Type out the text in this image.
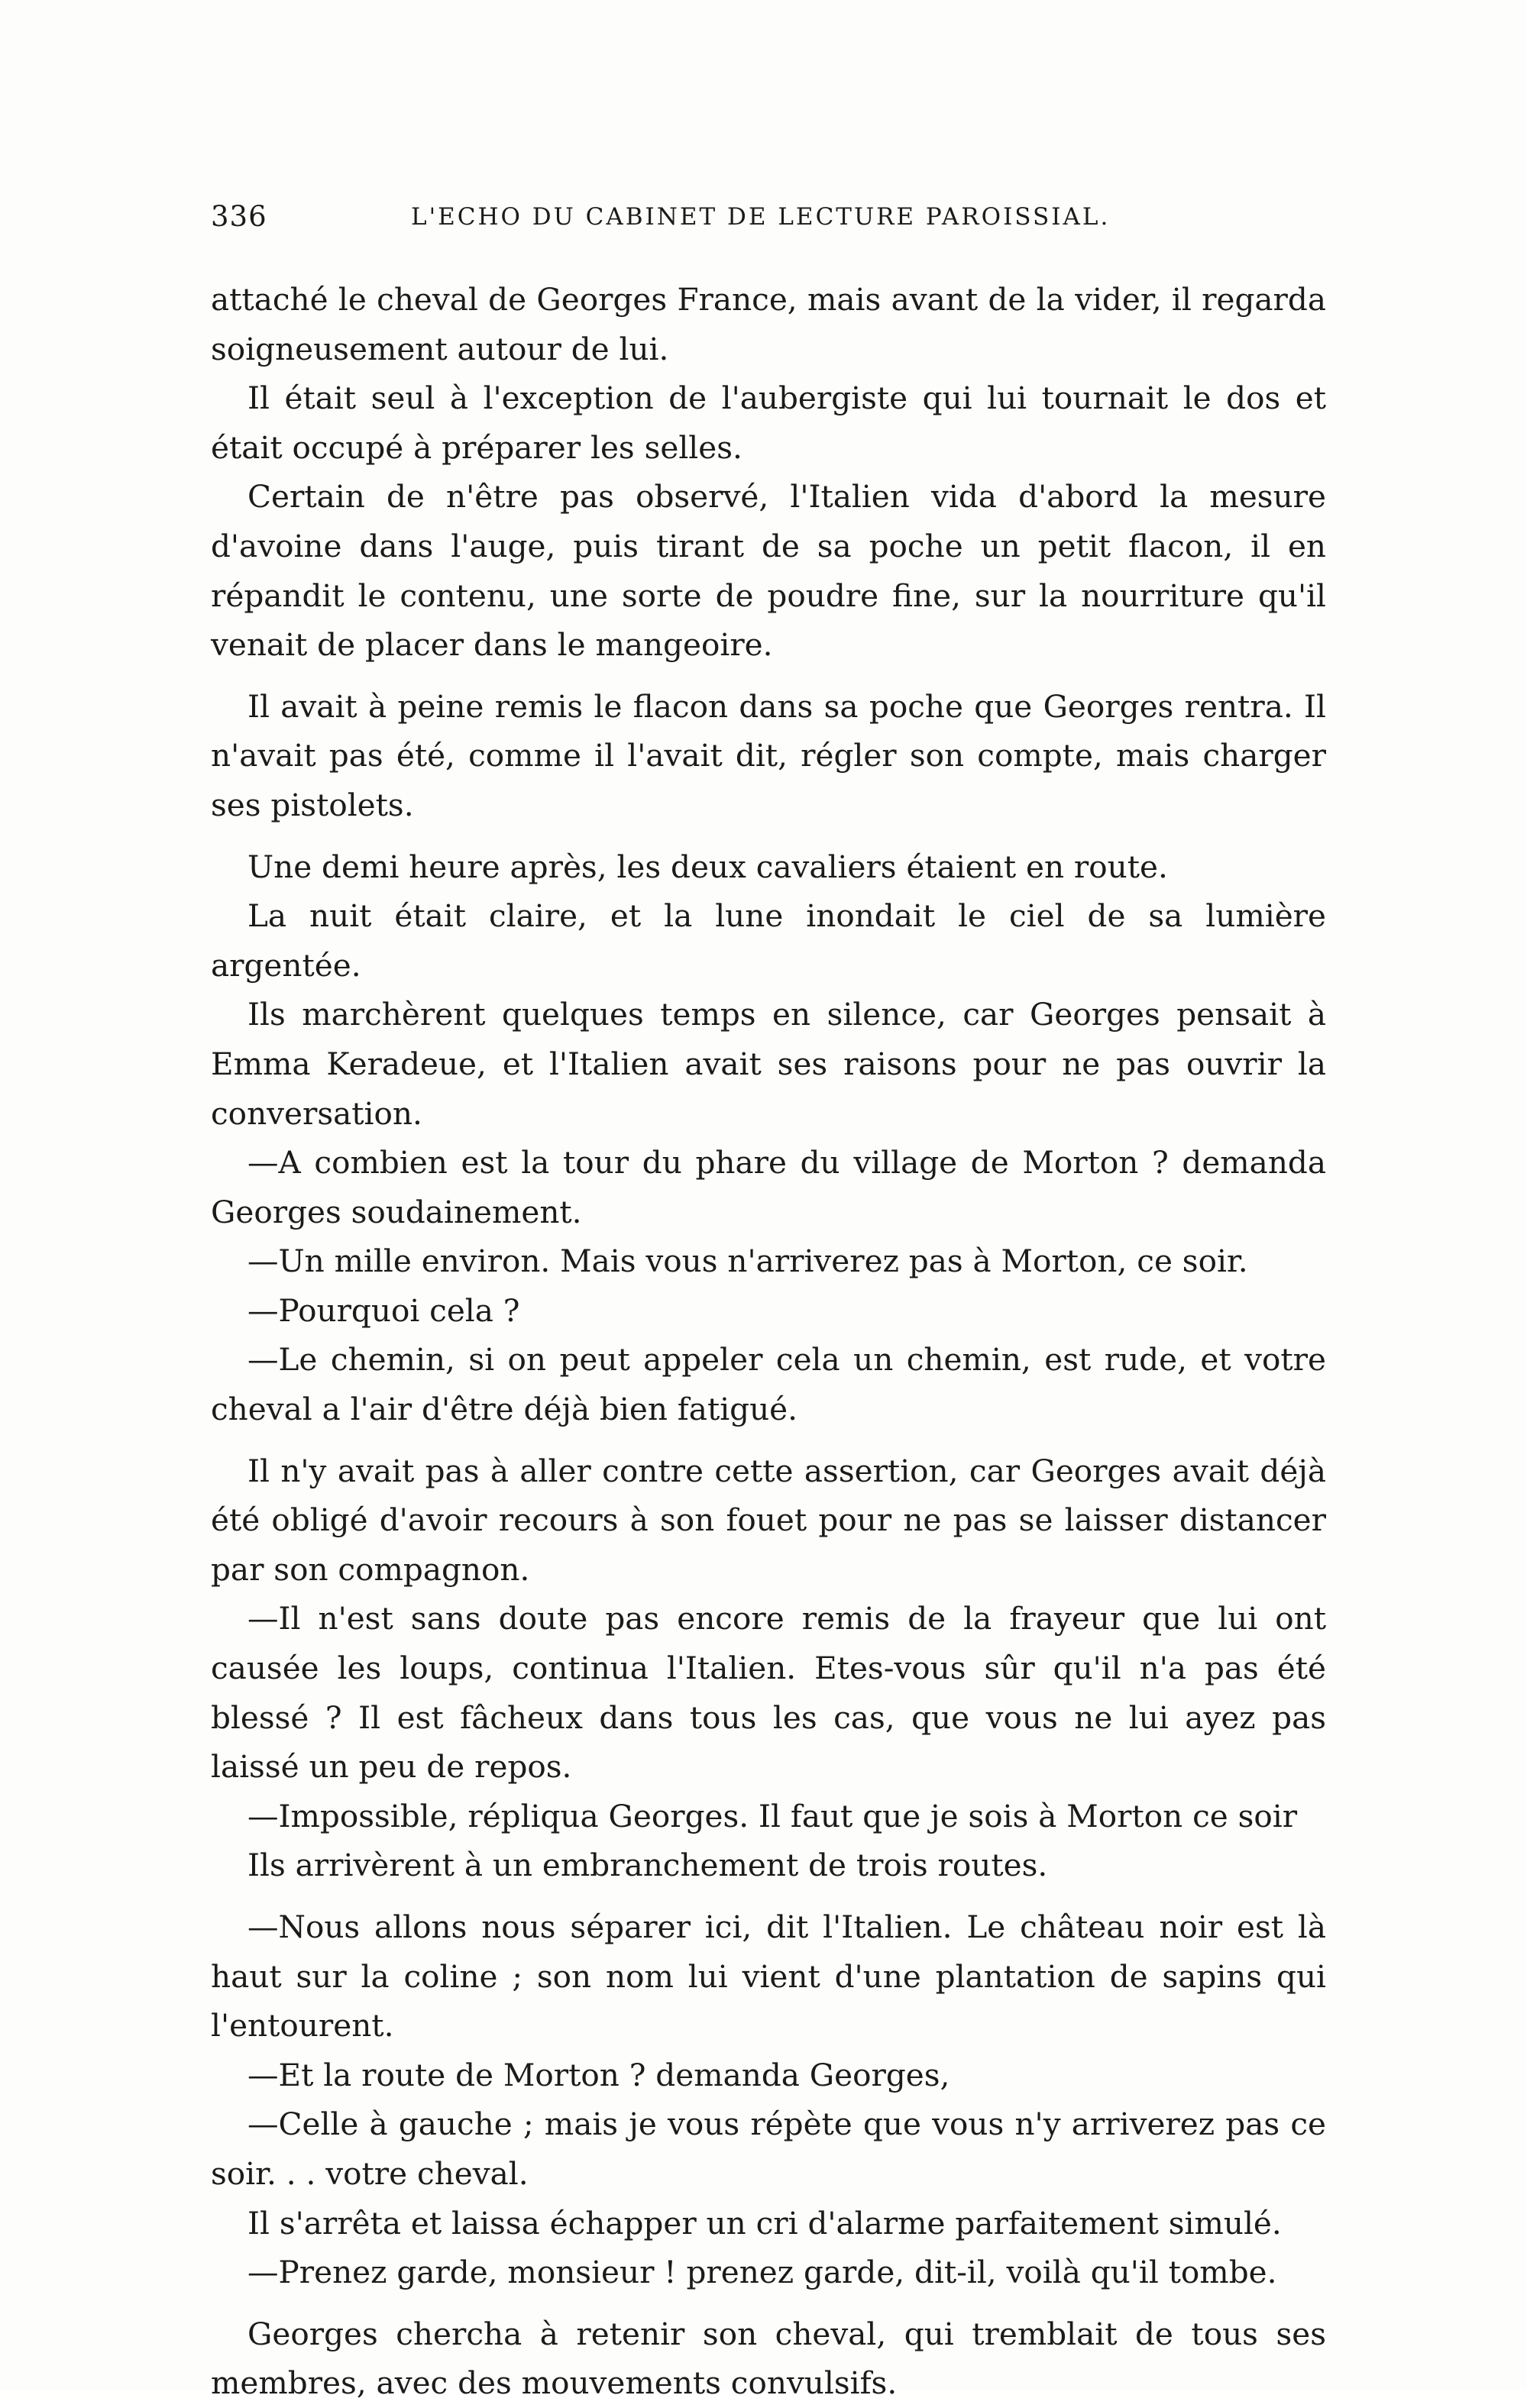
336	L'ECHO DU CABINET DE LECTURE PAROISSIAL.

attaché le cheval de Georges France, mais avant de la vider, il regarda soigneusement autour de lui.

Il était seul à l'exception de l'aubergiste qui lui tournait le dos et était occupé à préparer les selles.

Certain de n'être pas observé, l'Italien vida d'abord la mesure d'avoine dans l'auge, puis tirant de sa poche un petit flacon, il en répandit le contenu, une sorte de poudre fine, sur la nourriture qu'il venait de placer dans le mangeoire.

Il avait à peine remis le flacon dans sa poche que Georges rentra. Il n'avait pas été, comme il l'avait dit, régler son compte, mais charger ses pistolets.

Une demi heure après, les deux cavaliers étaient en route.

La nuit était claire, et la lune inondait le ciel de sa lumière argentée.

Ils marchèrent quelques temps en silence, car Georges pensait à Emma Keradeue, et l'Italien avait ses raisons pour ne pas ouvrir la conversation.

—A combien est la tour du phare du village de Morton ? demanda Georges soudainement.

—Un mille environ. Mais vous n'arriverez pas à Morton, ce soir.

—Pourquoi cela ?

—Le chemin, si on peut appeler cela un chemin, est rude, et votre cheval a l'air d'être déjà bien fatigué.

Il n'y avait pas à aller contre cette assertion, car Georges avait déjà été obligé d'avoir recours à son fouet pour ne pas se laisser distancer par son compagnon.

—Il n'est sans doute pas encore remis de la frayeur que lui ont causée les loups, continua l'Italien. Etes-vous sûr qu'il n'a pas été blessé ? Il est fâcheux dans tous les cas, que vous ne lui ayez pas laissé un peu de repos.

—Impossible, répliqua Georges. Il faut que je sois à Morton ce soir

Ils arrivèrent à un embranchement de trois routes.

—Nous allons nous séparer ici, dit l'Italien. Le château noir est là haut sur la coline ; son nom lui vient d'une plantation de sapins qui l'entourent.

—Et la route de Morton ? demanda Georges,

—Celle à gauche ; mais je vous répète que vous n'y arriverez pas ce soir. . . votre cheval.

Il s'arrêta et laissa échapper un cri d'alarme parfaitement simulé.

—Prenez garde, monsieur ! prenez garde, dit-il, voilà qu'il tombe.

Georges chercha à retenir son cheval, qui tremblait de tous ses membres, avec des mouvements convulsifs.
